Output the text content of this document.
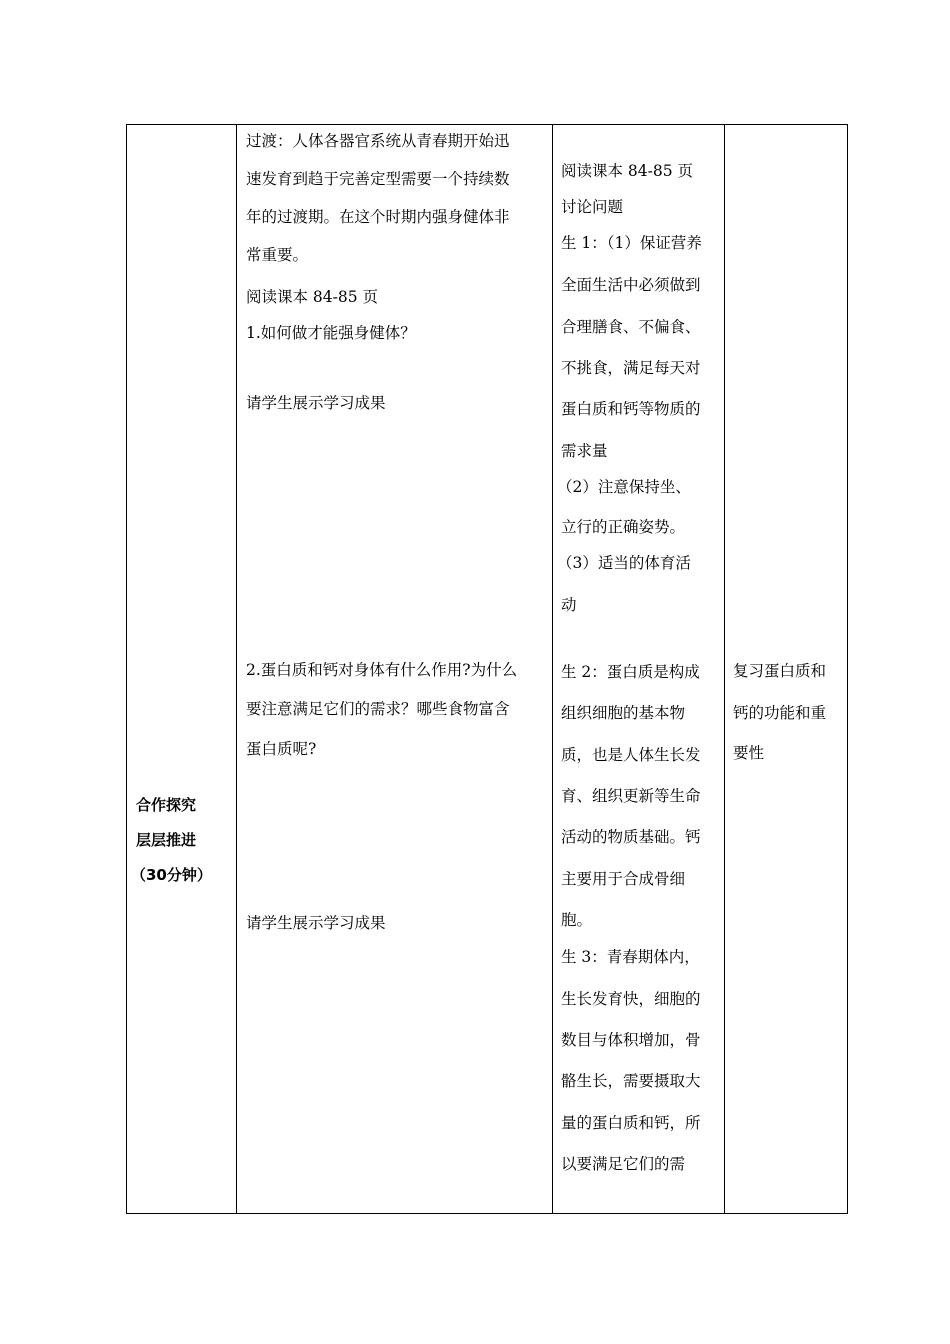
合作探究
层层推进
（30分钟）
过渡：人体各器官系统从青春期开始迅
速发育到趋于完善定型需要一个持续数
年的过渡期。在这个时期内强身健体非
常重要。
阅读课本 84-85 页
1.如何做才能强身健体？
请学生展示学习成果
2.蛋白质和钙对身体有什么作用?为什么
要注意满足它们的需求？哪些食物富含
蛋白质呢?
请学生展示学习成果
阅读课本 84-85 页
讨论问题
生 1：（1）保证营养
全面生活中必须做到
合理膳食、不偏食、
不挑食，满足每天对
蛋白质和钙等物质的
需求量
（2）注意保持坐、
立行的正确姿势。
（3）适当的体育活
动
生 2：蛋白质是构成
组织细胞的基本物
质，也是人体生长发
育、组织更新等生命
活动的物质基础。钙
主要用于合成骨细
胞。
生 3：青春期体内，
生长发育快，细胞的
数目与体积增加，骨
骼生长，需要摄取大
量的蛋白质和钙，所
以要满足它们的需
复习蛋白质和
钙的功能和重
要性
